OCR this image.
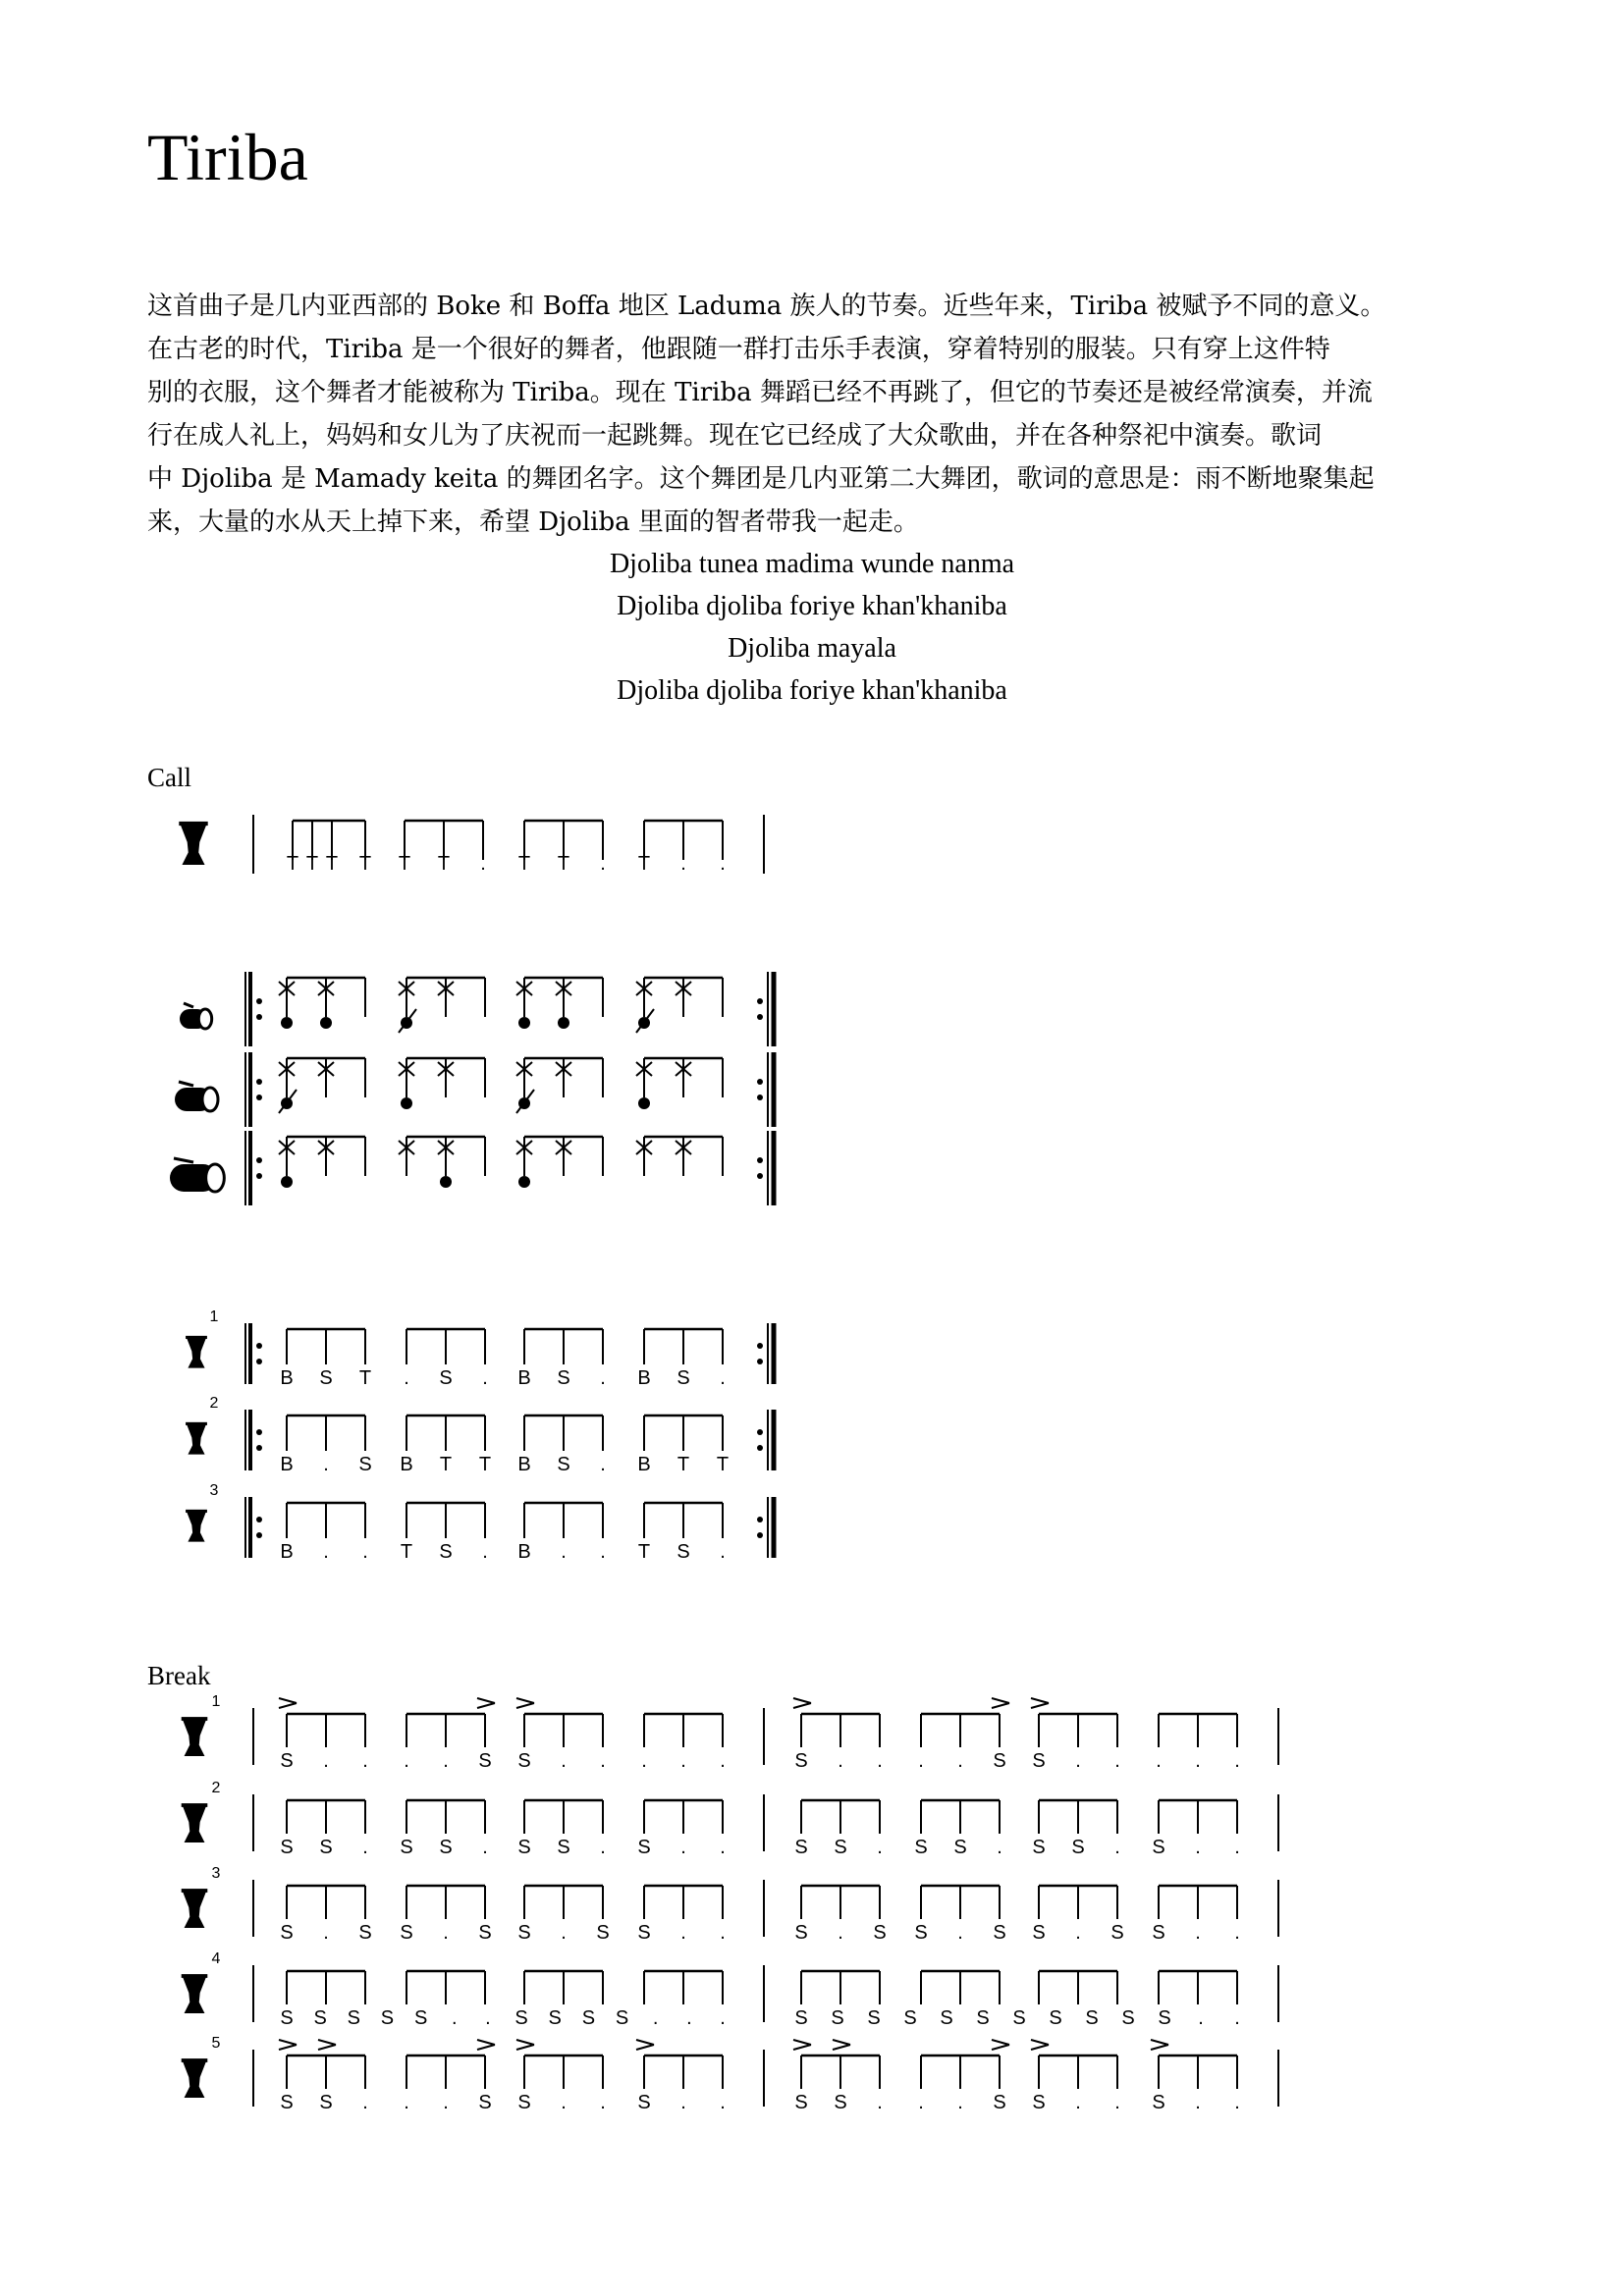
Tiriba
这首曲子是几内亚西部的 Boke 和 Boffa 地区 Laduma 族人的节奏。近些年来，Tiriba 被赋予不同的意义。
在古老的时代，Tiriba 是一个很好的舞者，他跟随一群打击乐手表演，穿着特别的服装。只有穿上这件特
别的衣服，这个舞者才能被称为 Tiriba。现在 Tiriba 舞蹈已经不再跳了，但它的节奏还是被经常演奏，并流
行在成人礼上，妈妈和女儿为了庆祝而一起跳舞。现在它已经成了大众歌曲，并在各种祭祀中演奏。歌词
中 Djoliba 是 Mamady keita 的舞团名字。这个舞团是几内亚第二大舞团，歌词的意思是：雨不断地聚集起
来，大量的水从天上掉下来，希望 Djoliba 里面的智者带我一起走。
Djoliba tunea madima wunde nanma
Djoliba djoliba foriye khan'khaniba
Djoliba mayala
Djoliba djoliba foriye khan'khaniba
Call
Break
T T T T T T . T T . T . .
1
B S T . S . B S . B S .
2
B . S B T T B S . B T T
3
B . . T S . B . . T S .
1
S . . . . S S . . . . .	S . . . . S S . . . . .
2
S S . S S . S S . S . .	S S . S S . S S . S . .
3
S . S S . S S . S S . .	S . S S . S S . S S . .
4
S S S S S . . S S S S . . .	S S S S S S S S S S S . .
5
S S . . . S S . . S . .	S S . . . S S . . S . .
